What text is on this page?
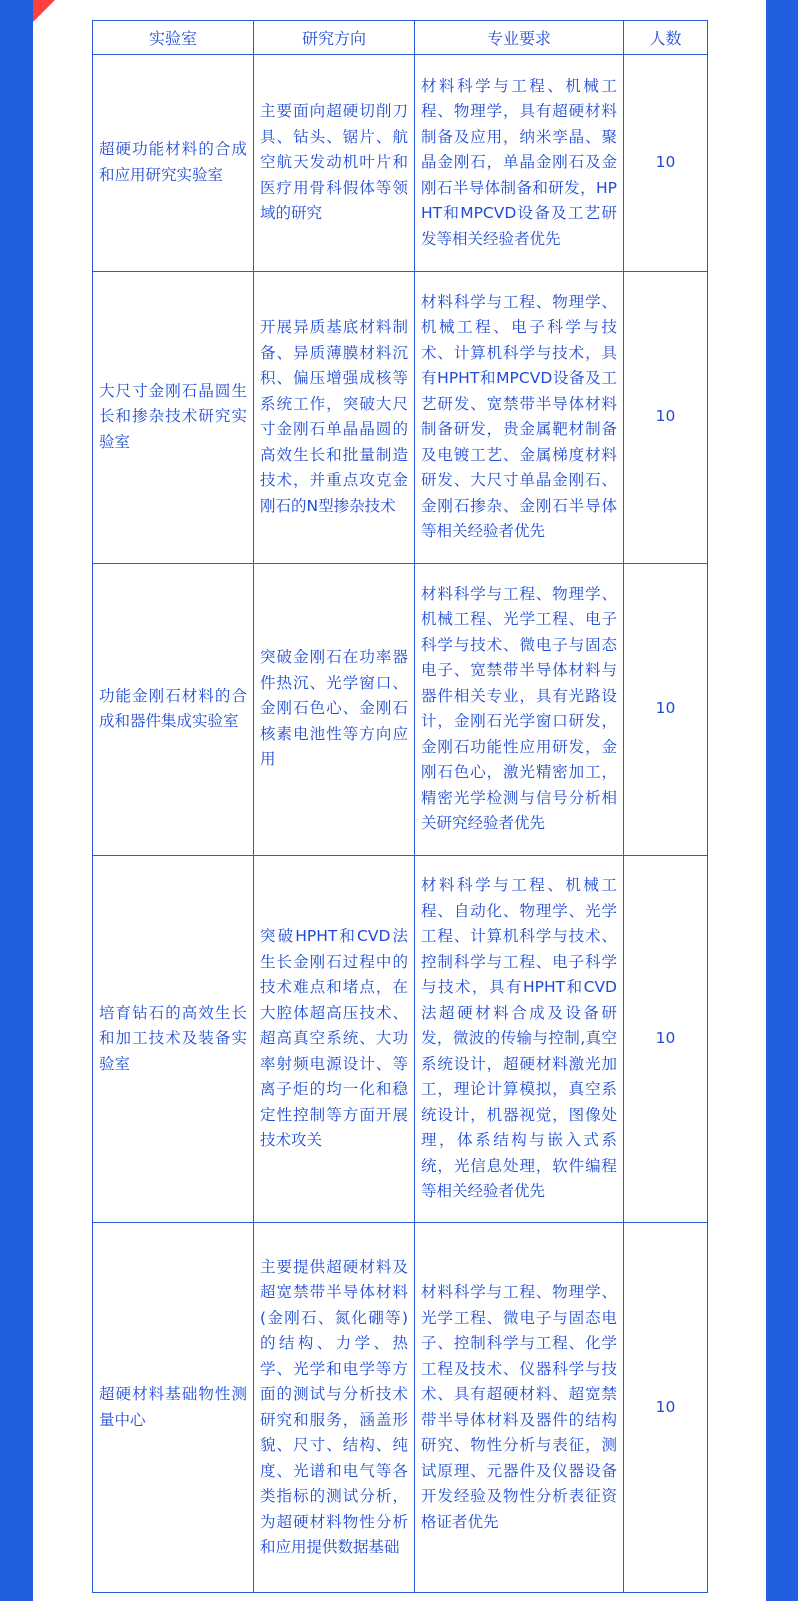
实验室	研究方向	专业要求	人数
超硬功能材料的合成和应用研究实验室	主要面向超硬切削刀具、钻头、锯片、航空航天发动机叶片和医疗用骨科假体等领域的研究	材料科学与工程、机械工程、物理学，具有超硬材料制备及应用，纳米孪晶、聚晶金刚石，单晶金刚石及金刚石半导体制备和研发，HPHT和MPCVD设备及工艺研发等相关经验者优先	10
大尺寸金刚石晶圆生长和掺杂技术研究实验室	开展异质基底材料制备、异质薄膜材料沉积、偏压增强成核等系统工作，突破大尺寸金刚石单晶晶圆的高效生长和批量制造技术，并重点攻克金刚石的N型掺杂技术	材料科学与工程、物理学、机械工程、电子科学与技术、计算机科学与技术，具有HPHT和MPCVD设备及工艺研发、宽禁带半导体材料制备研发，贵金属靶材制备及电镀工艺、金属梯度材料研发、大尺寸单晶金刚石、金刚石掺杂、金刚石半导体等相关经验者优先	10
功能金刚石材料的合成和器件集成实验室	突破金刚石在功率器件热沉、光学窗口、金刚石色心、金刚石核素电池性等方向应用	材料科学与工程、物理学、机械工程、光学工程、电子科学与技术、微电子与固态电子、宽禁带半导体材料与器件相关专业，具有光路设计，金刚石光学窗口研发，金刚石功能性应用研发，金刚石色心，激光精密加工，精密光学检测与信号分析相关研究经验者优先	10
培育钻石的高效生长和加工技术及装备实验室	突破HPHT和CVD法生长金刚石过程中的技术难点和堵点，在大腔体超高压技术、超高真空系统、大功率射频电源设计、等离子炬的均一化和稳定性控制等方面开展技术攻关	材料科学与工程、机械工程、自动化、物理学、光学工程、计算机科学与技术、控制科学与工程、电子科学与技术，具有HPHT和CVD法超硬材料合成及设备研发，微波的传输与控制,真空系统设计，超硬材料激光加工，理论计算模拟，真空系统设计，机器视觉，图像处理，体系结构与嵌入式系统，光信息处理，软件编程等相关经验者优先	10
超硬材料基础物性测量中心	主要提供超硬材料及超宽禁带半导体材料(金刚石、氮化硼等)的结构、力学、热学、光学和电学等方面的测试与分析技术研究和服务，涵盖形貌、尺寸、结构、纯度、光谱和电气等各类指标的测试分析，为超硬材料物性分析和应用提供数据基础	材料科学与工程、物理学、光学工程、微电子与固态电子、控制科学与工程、化学工程及技术、仪器科学与技术、具有超硬材料、超宽禁带半导体材料及器件的结构研究、物性分析与表征，测试原理、元器件及仪器设备开发经验及物性分析表征资格证者优先	10
